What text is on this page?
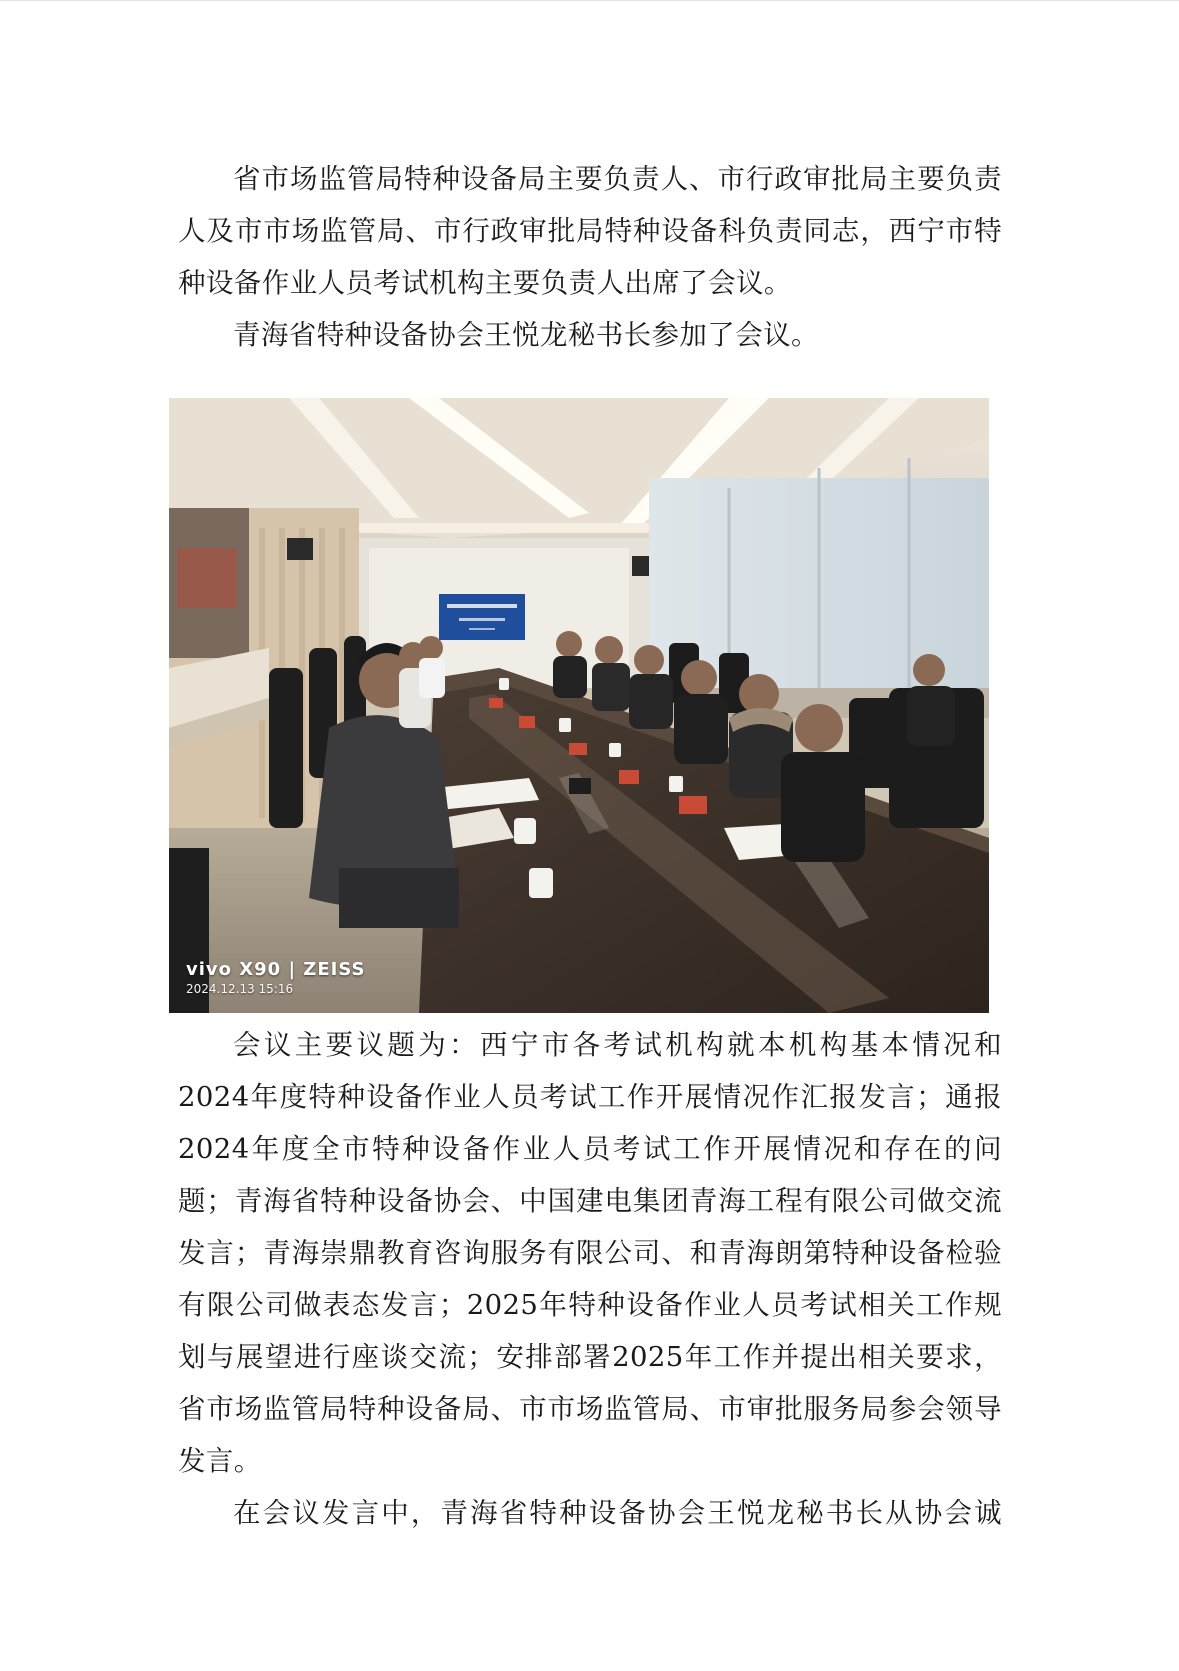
省市场监管局特种设备局主要负责人、市行政审批局主要负责人及市市场监管局、市行政审批局特种设备科负责同志，西宁市特种设备作业人员考试机构主要负责人出席了会议。

青海省特种设备协会王悦龙秘书长参加了会议。

vivo X90 | ZEISS
2024.12.13 15:16

会议主要议题为：西宁市各考试机构就本机构基本情况和2024年度特种设备作业人员考试工作开展情况作汇报发言；通报2024年度全市特种设备作业人员考试工作开展情况和存在的问题；青海省特种设备协会、中国建电集团青海工程有限公司做交流发言；青海崇鼎教育咨询服务有限公司、和青海朗第特种设备检验有限公司做表态发言；2025年特种设备作业人员考试相关工作规划与展望进行座谈交流；安排部署2025年工作并提出相关要求，省市场监管局特种设备局、市市场监管局、市审批服务局参会领导发言。

在会议发言中，青海省特种设备协会王悦龙秘书长从协会诚
